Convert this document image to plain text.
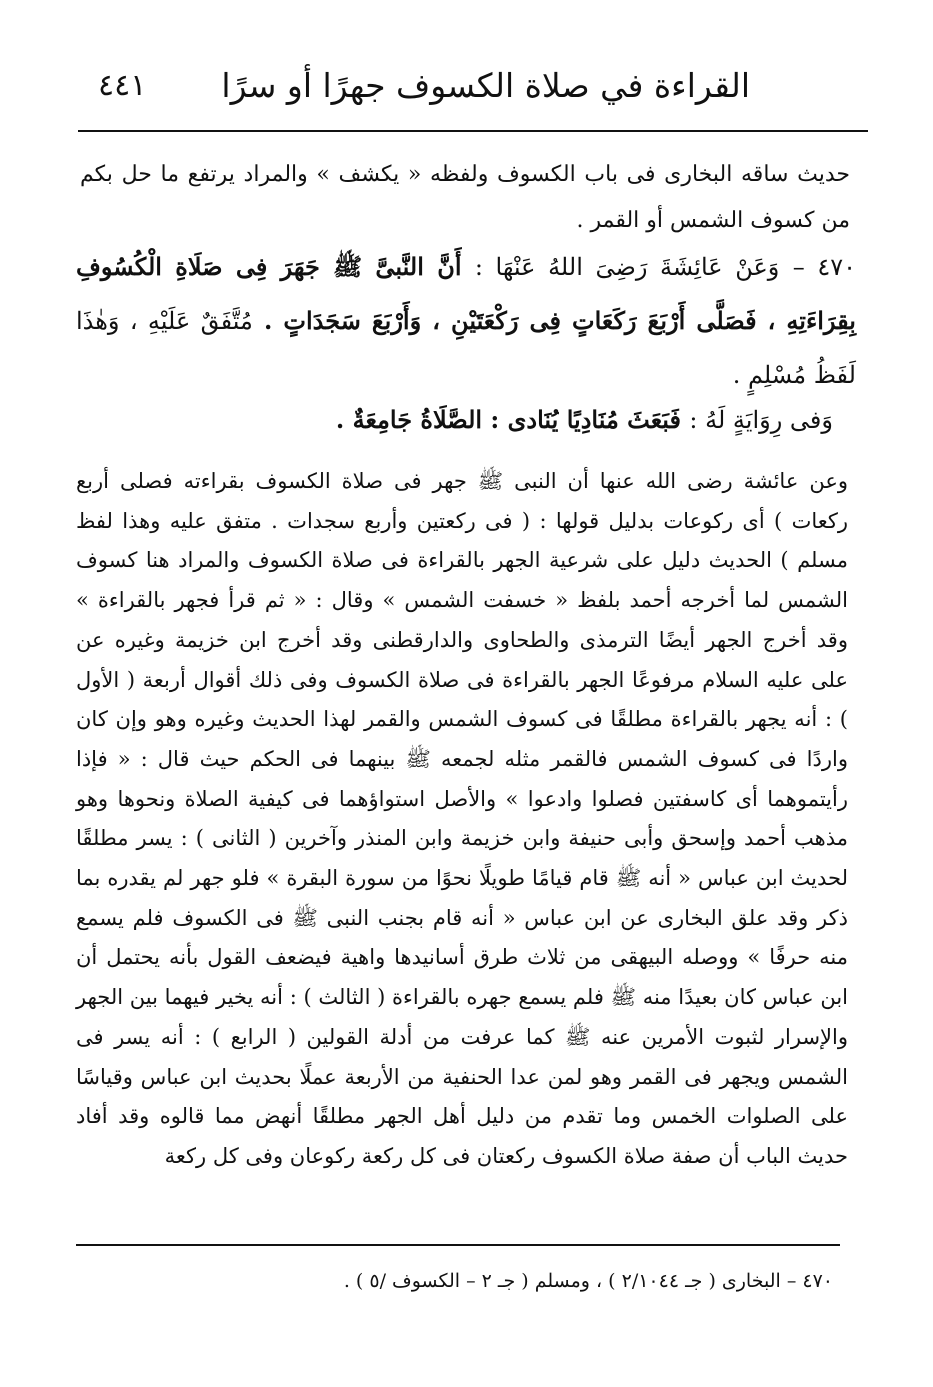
القراءة في صلاة الكسوف جهرًا أو سرًا
٤٤١
حديث ساقه البخارى فى باب الكسوف ولفظه « يكشف » والمراد يرتفع ما حل بكم من كسوف الشمس أو القمر .
٤٧٠ – وَعَنْ عَائِشَةَ رَضِىَ اللهُ عَنْهَا : أَنَّ النَّبىَّ ﷺ جَهَرَ فِى صَلَاةِ الْكُسُوفِ بِقِرَاءَتِهِ ، فَصَلَّى أَرْبَعَ رَكَعَاتٍ فِى رَكْعَتَيْنِ ، وَأَرْبَعَ سَجَدَاتٍ . مُتَّفَقٌ عَلَيْهِ ، وَهٰذَا لَفَظُ مُسْلِمٍ .
وَفى رِوَايَةٍ لَهُ : فَبَعَثَ مُنَادِيًا يُنَادى : الصَّلَاةُ جَامِعَةٌ .
وعن عائشة رضى الله عنها أن النبى ﷺ جهر فى صلاة الكسوف بقراءته فصلى أربع ركعات ) أى ركوعات بدليل قولها : ( فى ركعتين وأربع سجدات . متفق عليه وهذا لفظ مسلم ) الحديث دليل على شرعية الجهر بالقراءة فى صلاة الكسوف والمراد هنا كسوف الشمس لما أخرجه أحمد بلفظ « خسفت الشمس » وقال : « ثم قرأ فجهر بالقراءة » وقد أخرج الجهر أيضًا الترمذى والطحاوى والدارقطنى وقد أخرج ابن خزيمة وغيره عن على عليه السلام مرفوعًا الجهر بالقراءة فى صلاة الكسوف وفى ذلك أقوال أربعة ( الأول ) : أنه يجهر بالقراءة مطلقًا فى كسوف الشمس والقمر لهذا الحديث وغيره وهو وإن كان واردًا فى كسوف الشمس فالقمر مثله لجمعه ﷺ بينهما فى الحكم حيث قال : « فإذا رأيتموهما أى كاسفتين فصلوا وادعوا » والأصل استواؤهما فى كيفية الصلاة ونحوها وهو مذهب أحمد وإسحق وأبى حنيفة وابن خزيمة وابن المنذر وآخرين ( الثانى ) : يسر مطلقًا لحديث ابن عباس « أنه ﷺ قام قيامًا طويلًا نحوًا من سورة البقرة » فلو جهر لم يقدره بما ذكر وقد علق البخارى عن ابن عباس « أنه قام بجنب النبى ﷺ فى الكسوف فلم يسمع منه حرفًا » ووصله البيهقى من ثلاث طرق أسانيدها واهية فيضعف القول بأنه يحتمل أن ابن عباس كان بعيدًا منه ﷺ فلم يسمع جهره بالقراءة ( الثالث ) : أنه يخير فيهما بين الجهر والإسرار لثبوت الأمرين عنه ﷺ كما عرفت من أدلة القولين ( الرابع ) : أنه يسر فى الشمس ويجهر فى القمر وهو لمن عدا الحنفية من الأربعة عملًا بحديث ابن عباس وقياسًا على الصلوات الخمس وما تقدم من دليل أهل الجهر مطلقًا أنهض مما قالوه وقد أفاد حديث الباب أن صفة صلاة الكسوف ركعتان فى كل ركعة ركوعان وفى كل ركعة
٤٧٠ – البخارى ( جـ ٢/١٠٤٤ ) ، ومسلم ( جـ ٢ – الكسوف /٥ ) .
